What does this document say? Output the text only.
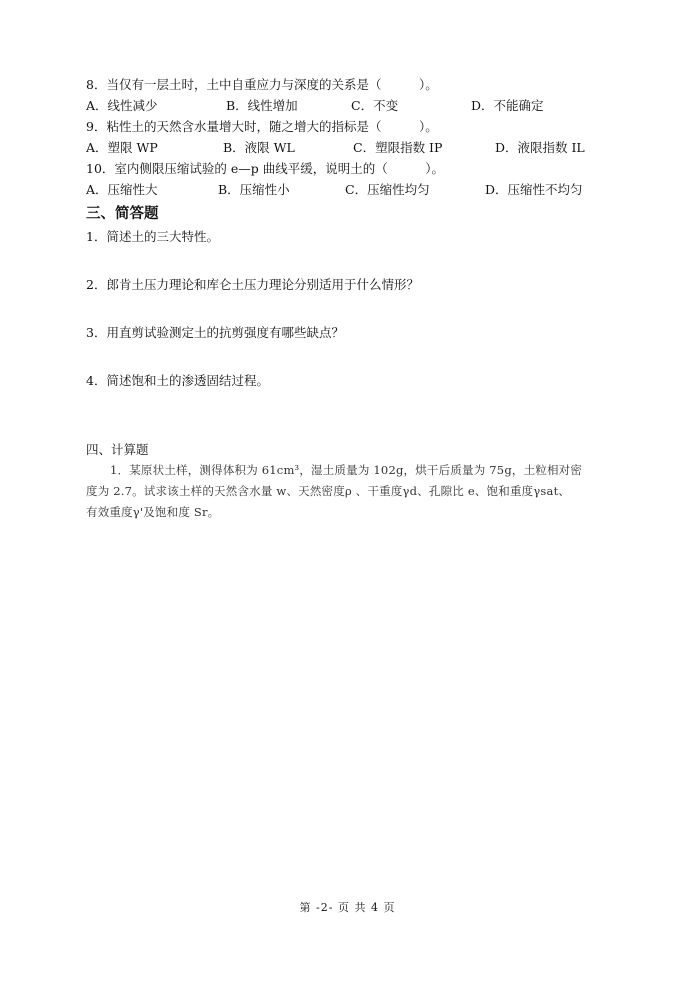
8．当仅有一层土时，土中自重应力与深度的关系是（　　　）。
A．线性减少	B．线性增加	C．不变	D．不能确定
9．粘性土的天然含水量增大时，随之增大的指标是（　　　）。
A．塑限 WP	B．液限 WL	C．塑限指数 IP	D．液限指数 IL
10．室内侧限压缩试验的 e—p 曲线平缓，说明土的（　　　）。
A．压缩性大	B．压缩性小	C．压缩性均匀	D．压缩性不均匀
三、简答题
1．简述土的三大特性。
2．郎肯土压力理论和库仑土压力理论分别适用于什么情形？
3．用直剪试验测定土的抗剪强度有哪些缺点？
4．简述饱和土的渗透固结过程。
四、计算题
1．某原状土样，测得体积为 61cm³，湿土质量为 102g，烘干后质量为 75g，土粒相对密
度为 2.7。试求该土样的天然含水量 w、天然密度ρ 、干重度γd、孔隙比 e、饱和重度γsat、
有效重度γ'及饱和度 Sr。
第 -2- 页 共 4 页
